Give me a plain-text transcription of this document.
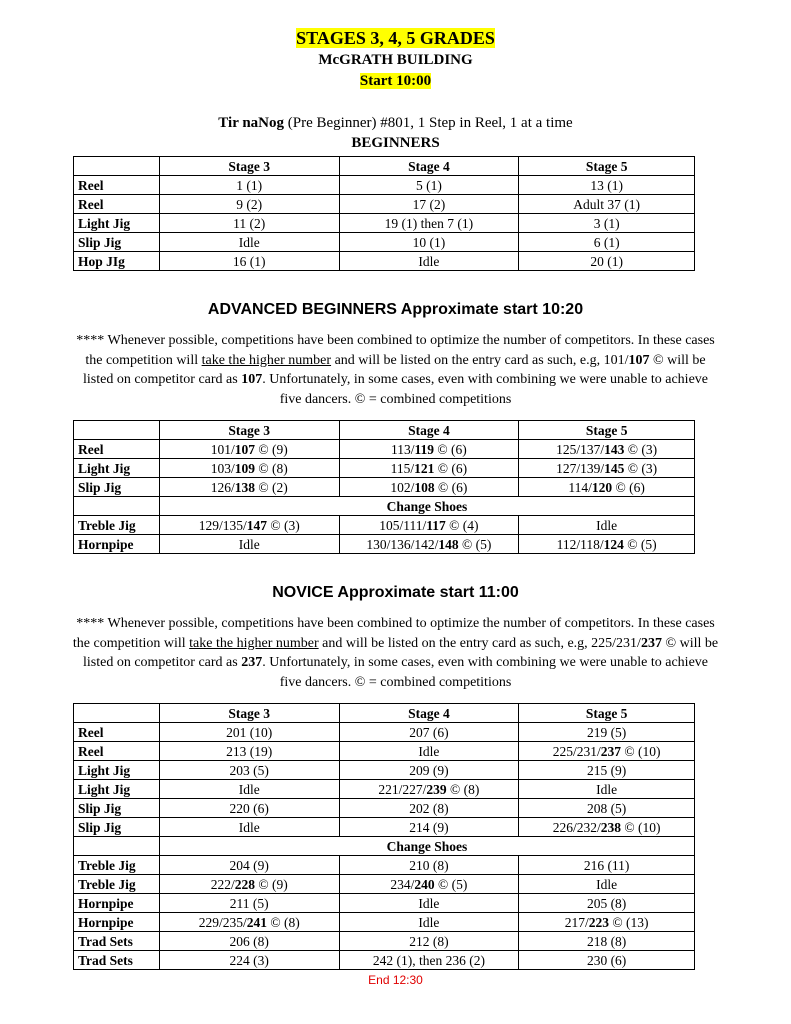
STAGES 3, 4, 5 GRADES
McGRATH BUILDING
Start 10:00
Tir naNog (Pre Beginner) #801, 1 Step in Reel, 1 at a time
BEGINNERS
	Stage 3	Stage 4	Stage 5
Reel	1 (1)	5 (1)	13 (1)
Reel	9 (2)	17 (2)	Adult 37 (1)
Light Jig	11 (2)	19 (1) then 7 (1)	3 (1)
Slip Jig	Idle	10 (1)	6 (1)
Hop JIg	16 (1)	Idle	20 (1)
ADVANCED BEGINNERS Approximate start 10:20

**** Whenever possible, competitions have been combined to optimize the number of competitors. In these cases

the competition will take the higher number and will be listed on the entry card as such, e.g, 101/107 © will be

listed on competitor card as 107. Unfortunately, in some cases, even with combining we were unable to achieve

five dancers. © = combined competitions

	Stage 3	Stage 4	Stage 5
Reel	101/107 © (9)	113/119 © (6)	125/137/143 © (3)
Light Jig	103/109 © (8)	115/121 © (6)	127/139/145 © (3)
Slip Jig	126/138 © (2)	102/108 © (6)	114/120 © (6)
	Change Shoes		
Treble Jig	129/135/147 © (3)	105/111/117 © (4)	Idle
Hornpipe	Idle	130/136/142/148 © (5)	112/118/124 © (5)
NOVICE Approximate start 11:00

**** Whenever possible, competitions have been combined to optimize the number of competitors. In these cases

the competition will take the higher number and will be listed on the entry card as such, e.g, 225/231/237 © will be

listed on competitor card as 237. Unfortunately, in some cases, even with combining we were unable to achieve

five dancers. © = combined competitions

	Stage 3	Stage 4	Stage 5
Reel	201 (10)	207 (6)	219 (5)
Reel	213 (19)	Idle	225/231/237 © (10)
Light Jig	203 (5)	209 (9)	215 (9)
Light Jig	Idle	221/227/239 © (8)	Idle
Slip Jig	220 (6)	202 (8)	208 (5)
Slip Jig	Idle	214 (9)	226/232/238 © (10)
	Change Shoes		
Treble Jig	204 (9)	210 (8)	216 (11)
Treble Jig	222/228 © (9)	234/240 © (5)	Idle
Hornpipe	211 (5)	Idle	205 (8)
Hornpipe	229/235/241 © (8)	Idle	217/223 © (13)
Trad Sets	206 (8)	212 (8)	218 (8)
Trad Sets	224 (3)	242 (1), then 236 (2)	230 (6)
End 12:30
